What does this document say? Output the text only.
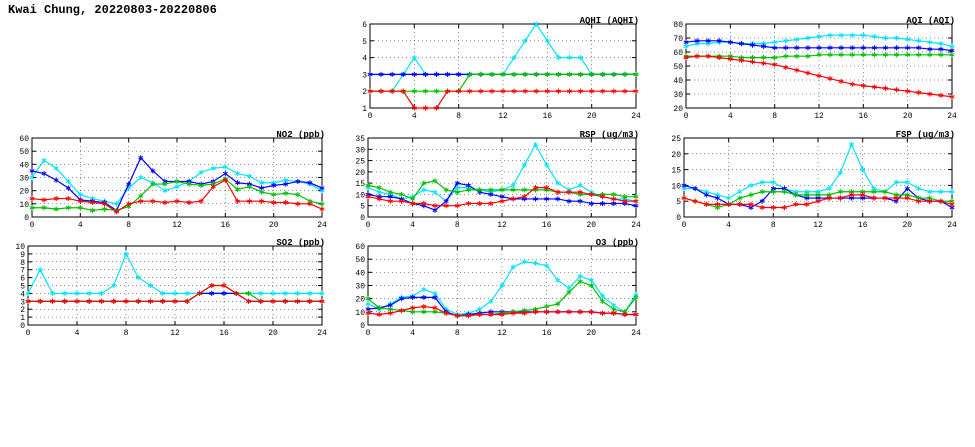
Kwai Chung, 20220803-20220806
1
2
3
4
5
6
0	4	8	12	16	20	24
AQHI (AQHI)
20
30
40
50
60
70
80
0	4	8	12	16	20	24
AQI (AQI)
0
10
20
30
40
50
60
0	4	8	12	16	20	24
NO2 (ppb)
0
5
10
15
20
25
30
35
0	4	8	12	16	20	24
RSP (ug/m3)
0
5
10
15
20
25
0	4	8	12	16	20	24
FSP (ug/m3)
0
1
2
3
4
5
6
7
8
9
10
0	4	8	12	16	20	24
SO2 (ppb)
0
10
20
30
40
50
60
0	4	8	12	16	20	24
O3 (ppb)
